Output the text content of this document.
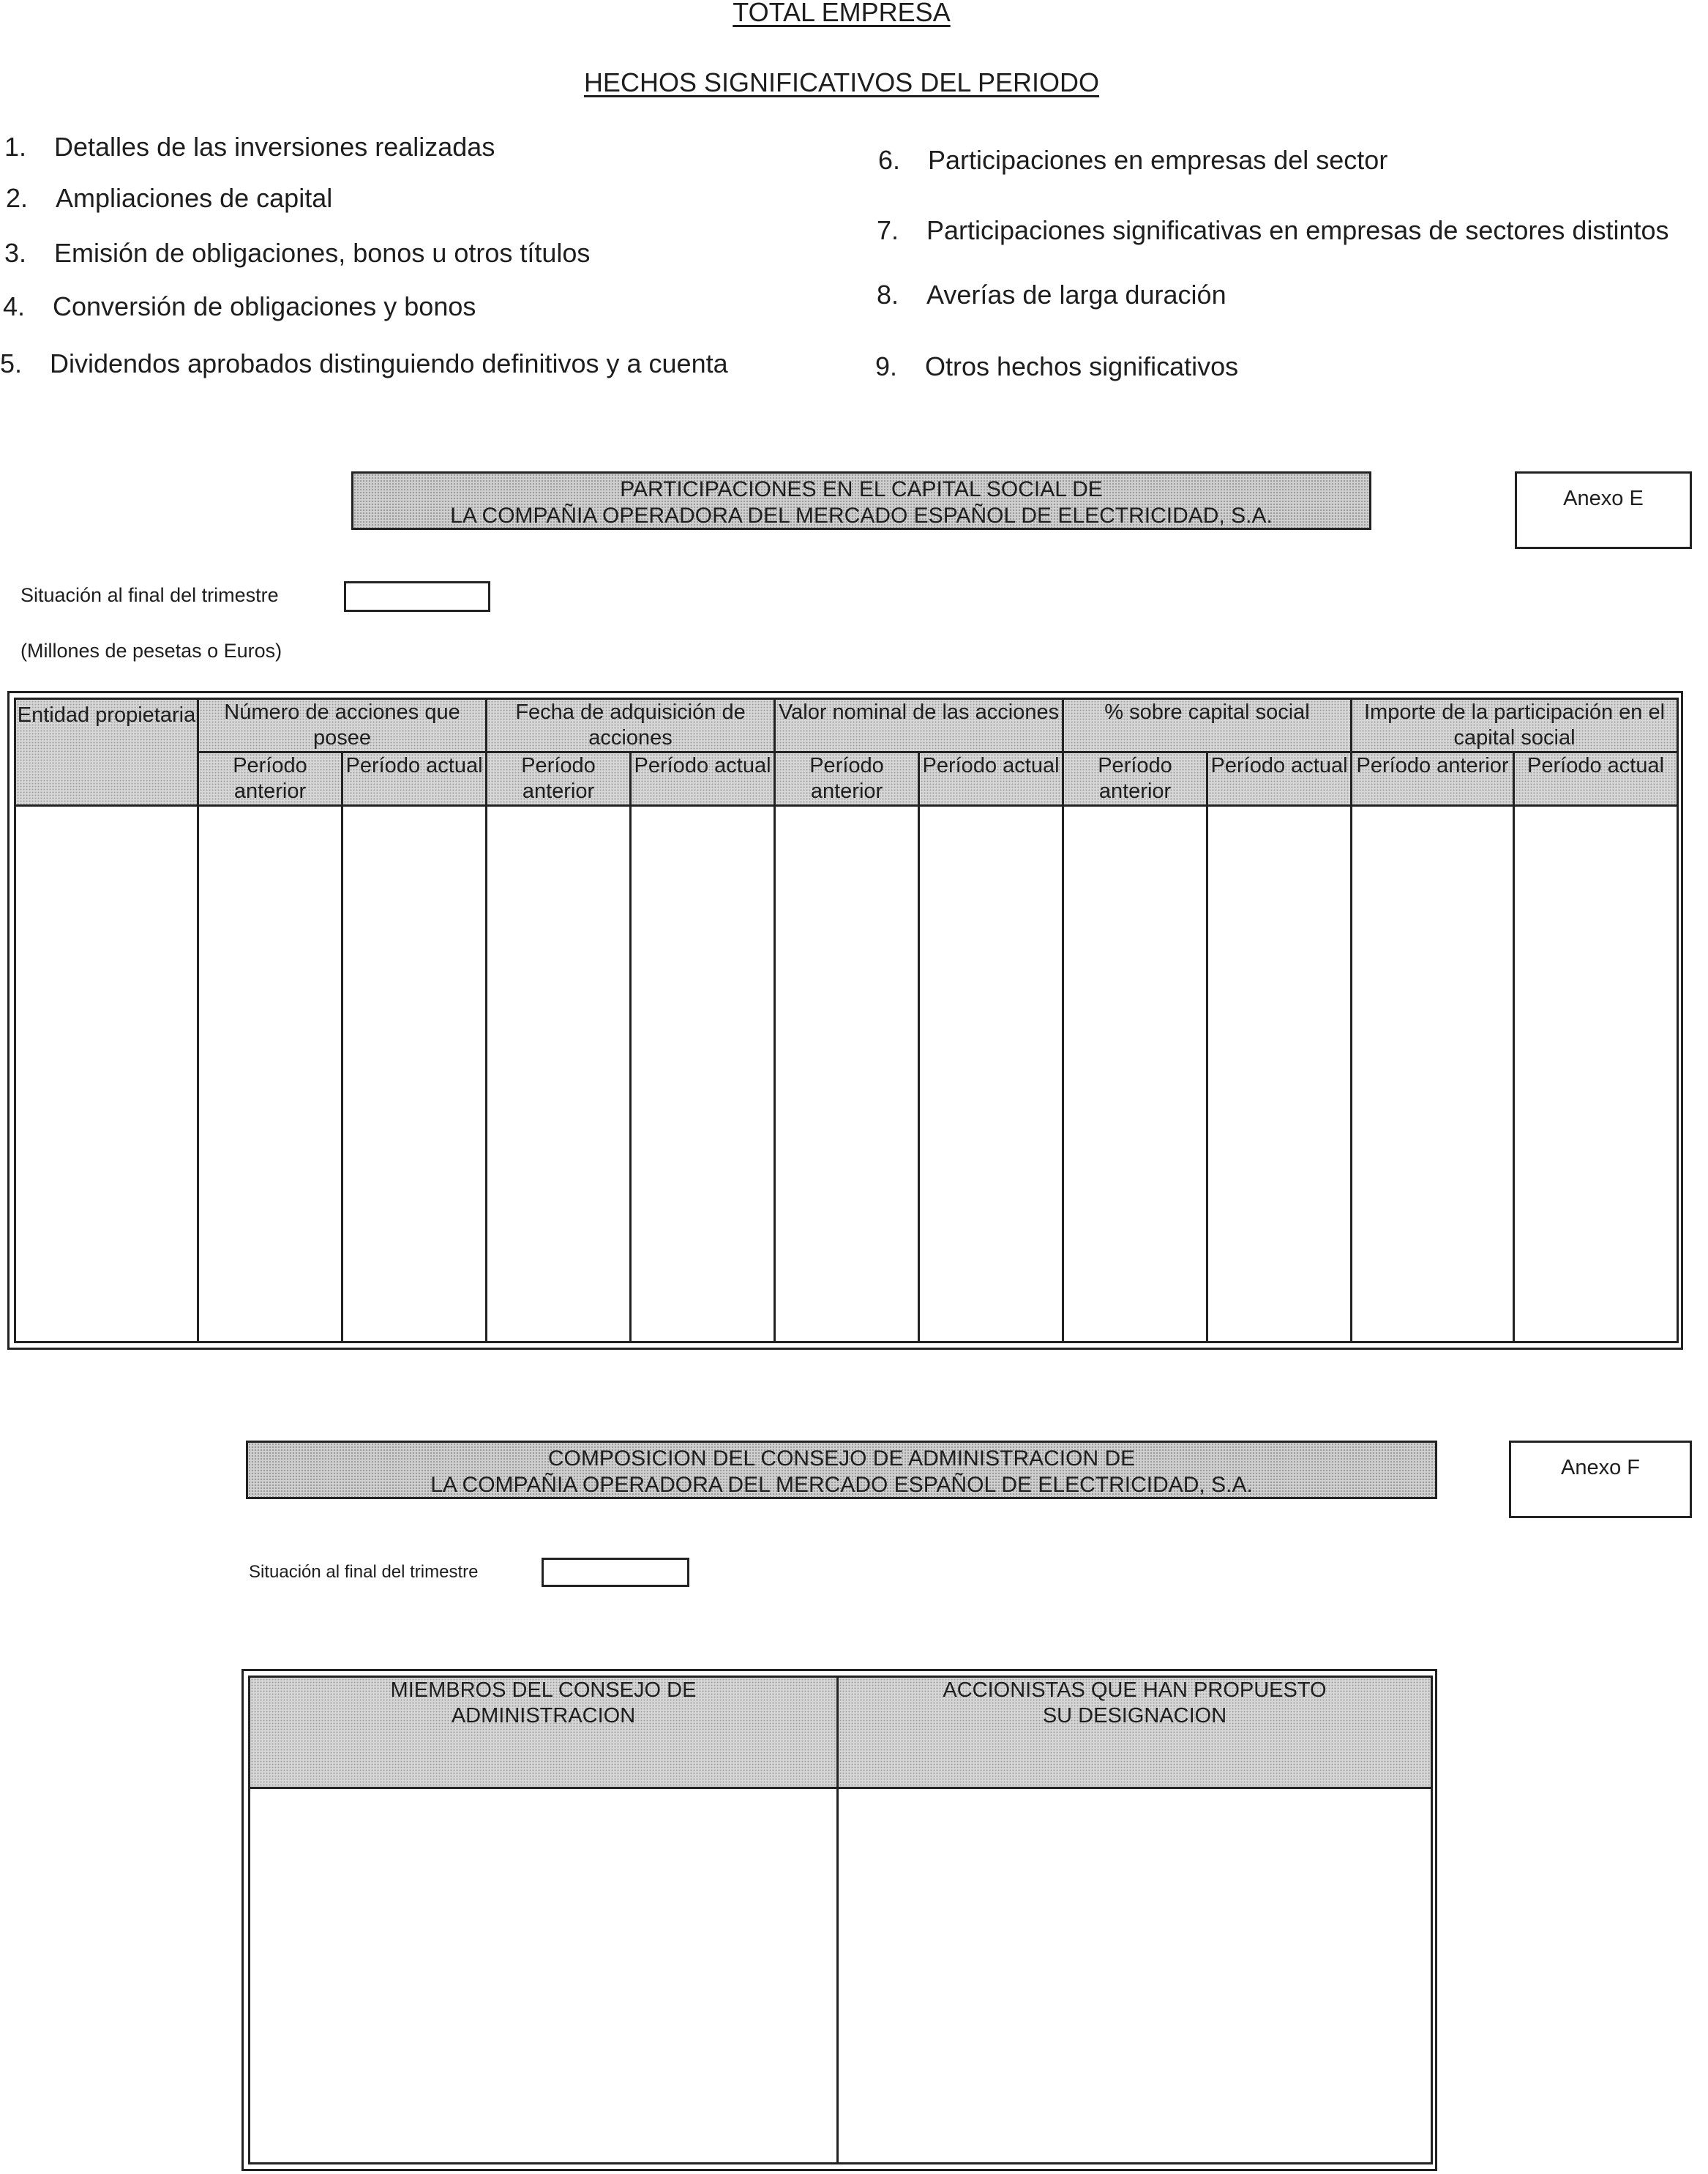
TOTAL EMPRESA
HECHOS SIGNIFICATIVOS DEL PERIODO
1. Detalles de las inversiones realizadas
2. Ampliaciones de capital
3. Emisión de obligaciones, bonos u otros títulos
4. Conversión de obligaciones y bonos
5. Dividendos aprobados distinguiendo definitivos y a cuenta
6. Participaciones en empresas del sector
7. Participaciones significativas en empresas de sectores distintos
8. Averías de larga duración
9. Otros hechos significativos
PARTICIPACIONES EN EL CAPITAL SOCIAL DE
LA COMPAÑIA OPERADORA DEL MERCADO ESPAÑOL DE ELECTRICIDAD, S.A.
Anexo E
Situación al final del trimestre
(Millones de pesetas o Euros)
Entidad propietaria	Número de acciones que posee		Fecha de adquisición de acciones		Valor nominal de las acciones		% sobre capital social		Importe de la participación en el capital social	
	Período anterior	Período actual	Período anterior	Período actual	Período anterior	Período actual	Período anterior	Período actual	Período anterior	Período actual

COMPOSICION DEL CONSEJO DE ADMINISTRACION DE
LA COMPAÑIA OPERADORA DEL MERCADO ESPAÑOL DE ELECTRICIDAD, S.A.
Anexo F
Situación al final del trimestre
MIEMBROS DEL CONSEJO DE ADMINISTRACION	ACCIONISTAS QUE HAN PROPUESTO SU DESIGNACION
